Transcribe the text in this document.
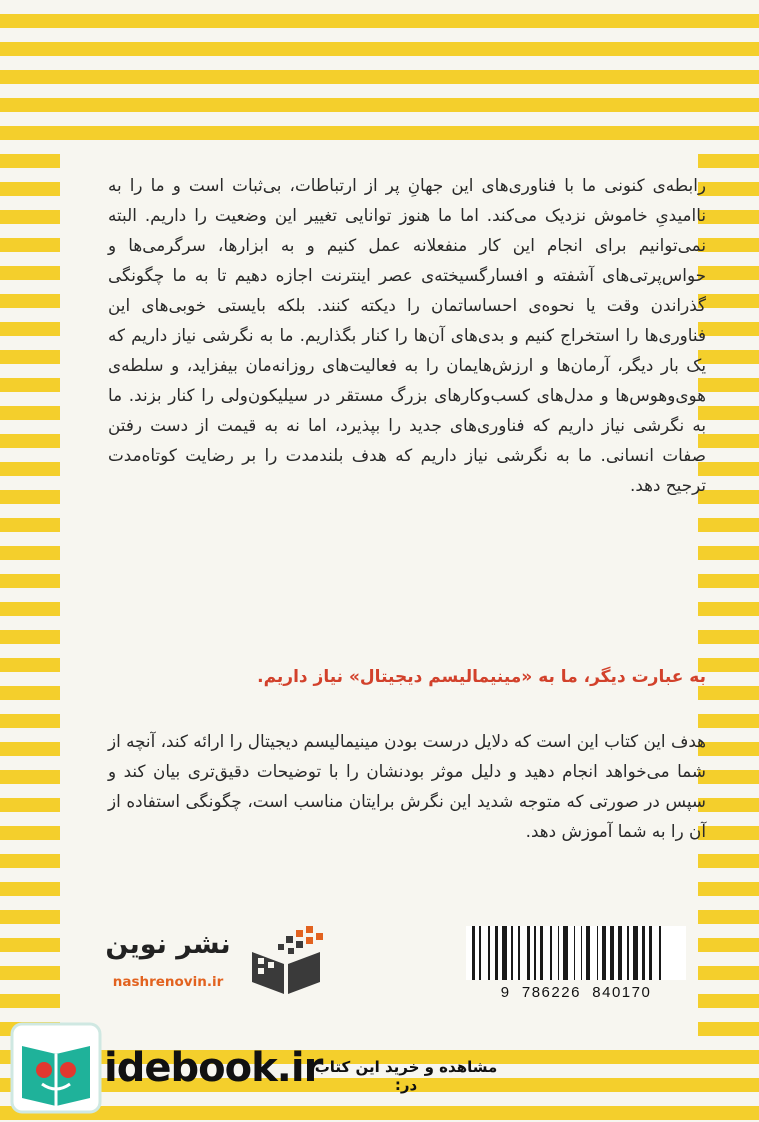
رابطه‌ی کنونی ما با فناوری‌های این جهانِ پر از ارتباطات، بی‌ثبات است و ما را به ناامیدیِ خاموش نزدیک می‌کند. اما ما هنوز توانایی تغییر این وضعیت را داریم. البته نمی‌توانیم برای انجام این کار منفعلانه عمل کنیم و به ابزارها، سرگرمی‌ها و حواس‌پرتی‌های آشفته و افسارگسیخته‌ی عصر اینترنت اجازه دهیم تا به ما چگونگی گذراندن وقت یا نحوه‌ی احساساتمان را دیکته کنند. بلکه بایستی خوبی‌های این فناوری‌ها را استخراج کنیم و بدی‌های آن‌ها را کنار بگذاریم. ما به نگرشی نیاز داریم که یک بار دیگر، آرمان‌ها و ارزش‌هایمان را به فعالیت‌های روزانه‌مان بیفزاید، و سلطه‌ی هوی‌وهوس‌ها و مدل‌های کسب‌وکارهای بزرگ مستقر در سیلیکون‌ولی را کنار بزند. ما به نگرشی نیاز داریم که فناوری‌های جدید را بپذیرد، اما نه به قیمت از دست رفتن صفات انسانی. ما به نگرشی نیاز داریم که هدف بلندمدت را بر رضایت کوتاه‌مدت ترجیح دهد.

به عبارت دیگر، ما به «مینیمالیسم دیجیتال» نیاز داریم.

هدف این کتاب این است که دلایل درست بودن مینیمالیسم دیجیتال را ارائه کند، آنچه از شما می‌خواهد انجام دهید و دلیل موثر بودنشان را با توضیحات دقیق‌تری بیان کند و سپس در صورتی که متوجه شدید این نگرش برایتان مناسب است، چگونگی استفاده از آن را به شما آموزش دهد.

نشر نوین
nashrenovin.ir
9  786226  840170
idebook.ir
مشاهده و خرید این کتاب در:
